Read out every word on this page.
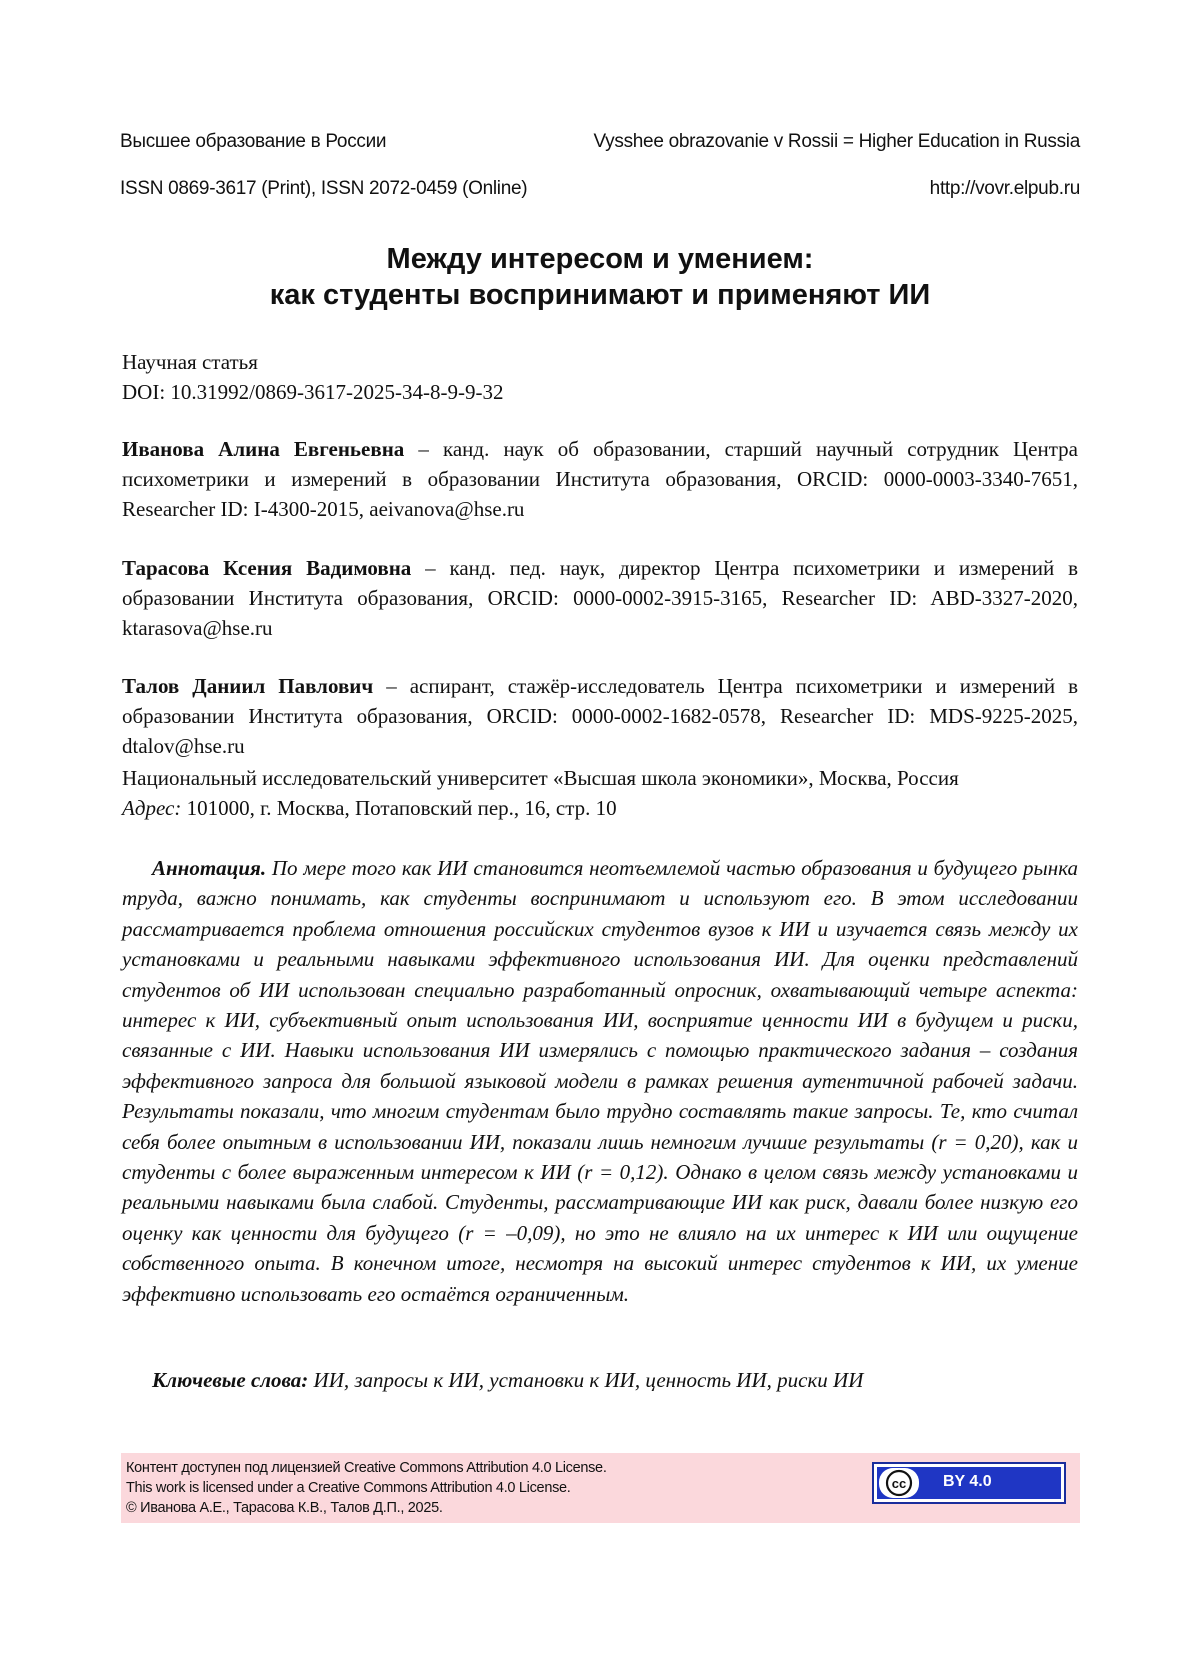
Высшее образование в России	Vysshee obrazovanie v Rossii = Higher Education in Russia
ISSN 0869-3617 (Print), ISSN 2072-0459 (Online)	http://vovr.elpub.ru
Между интересом и умением:
как студенты воспринимают и применяют ИИ
Научная статья
DOI: 10.31992/0869-3617-2025-34-8-9-9-32
Иванова Алина Евгеньевна – канд. наук об образовании, старший научный сотрудник Центра психометрики и измерений в образовании Института образования, ORCID: 0000-0003-3340-7651, Researcher ID: I-4300-2015, aeivanova@hse.ru
Тарасова Ксения Вадимовна – канд. пед. наук, директор Центра психометрики и измерений в образовании Института образования, ORCID: 0000-0002-3915-3165, Researcher ID: ABD-3327-2020, ktarasova@hse.ru
Талов Даниил Павлович – аспирант, стажёр-исследователь Центра психометрики и измерений в образовании Института образования, ORCID: 0000-0002-1682-0578, Researcher ID: MDS-9225-2025, dtalov@hse.ru
Национальный исследовательский университет «Высшая школа экономики», Москва, Россия
Адрес: 101000, г. Москва, Потаповский пер., 16, стр. 10
Аннотация. По мере того как ИИ становится неотъемлемой частью образования и будущего рынка труда, важно понимать, как студенты воспринимают и используют его. В этом исследовании рассматривается проблема отношения российских студентов вузов к ИИ и изучается связь между их установками и реальными навыками эффективного использования ИИ. Для оценки представлений студентов об ИИ использован специально разработанный опросник, охватывающий четыре аспекта: интерес к ИИ, субъективный опыт использования ИИ, восприятие ценности ИИ в будущем и риски, связанные с ИИ. Навыки использования ИИ измерялись с помощью практического задания – создания эффективного запроса для большой языковой модели в рамках решения аутентичной рабочей задачи. Результаты показали, что многим студентам было трудно составлять такие запросы. Те, кто считал себя более опытным в использовании ИИ, показали лишь немногим лучшие результаты (r = 0,20), как и студенты с более выраженным интересом к ИИ (r = 0,12). Однако в целом связь между установками и реальными навыками была слабой. Студенты, рассматривающие ИИ как риск, давали более низкую его оценку как ценности для будущего (r = –0,09), но это не влияло на их интерес к ИИ или ощущение собственного опыта. В конечном итоге, несмотря на высокий интерес студентов к ИИ, их умение эффективно использовать его остаётся ограниченным.
Ключевые слова: ИИ, запросы к ИИ, установки к ИИ, ценность ИИ, риски ИИ
Контент доступен под лицензией Creative Commons Attribution 4.0 License.
This work is licensed under a Creative Commons Attribution 4.0 License.
© Иванова А.Е., Тарасова К.В., Талов Д.П., 2025.
cc BY 4.0
